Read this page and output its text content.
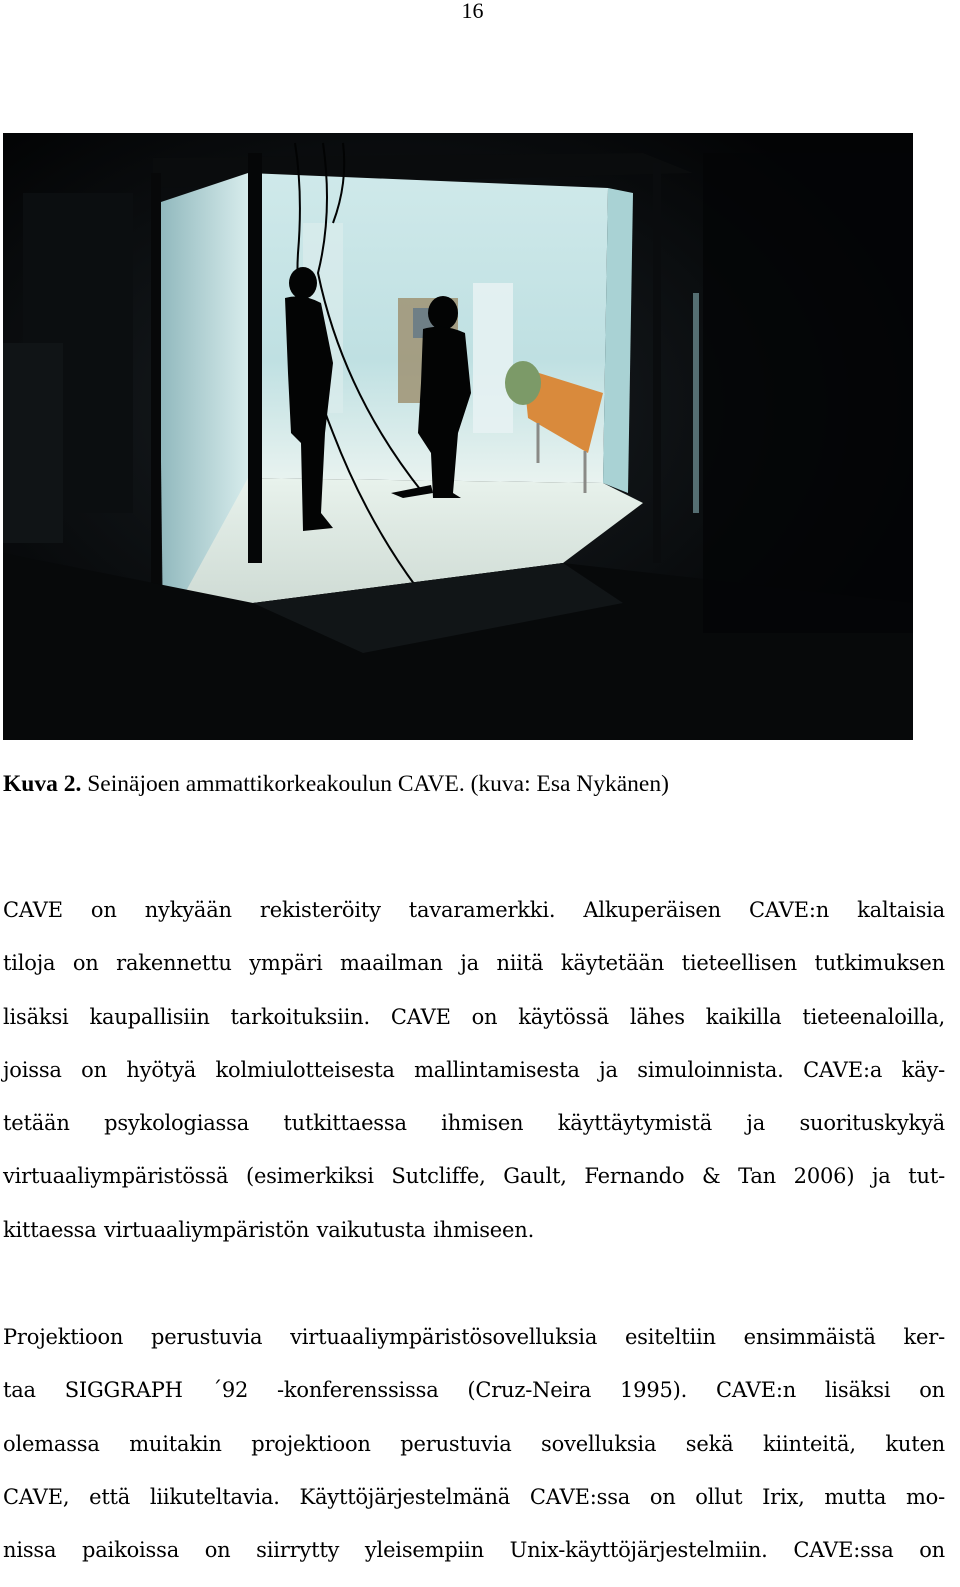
16
Kuva 2. Seinäjoen ammattikorkeakoulun CAVE. (kuva: Esa Nykänen)
CAVE on nykyään rekisteröity tavaramerkki. Alkuperäisen CAVE:n kaltaisia
tiloja on rakennettu ympäri maailman ja niitä käytetään tieteellisen tutkimuksen
lisäksi kaupallisiin tarkoituksiin. CAVE on käytössä lähes kaikilla tieteenaloilla,
joissa on hyötyä kolmiulotteisesta mallintamisesta ja simuloinnista. CAVE:a käy-
tetään psykologiassa tutkittaessa ihmisen käyttäytymistä ja suorituskykyä
virtuaaliympäristössä (esimerkiksi Sutcliffe, Gault, Fernando & Tan 2006) ja tut-
kittaessa virtuaaliympäristön vaikutusta ihmiseen.
Projektioon perustuvia virtuaaliympäristösovelluksia esiteltiin ensimmäistä ker-
taa SIGGRAPH ´92 -konferenssissa (Cruz-Neira 1995). CAVE:n lisäksi on
olemassa muitakin projektioon perustuvia sovelluksia sekä kiinteitä, kuten
CAVE, että liikuteltavia. Käyttöjärjestelmänä CAVE:ssa on ollut Irix, mutta mo-
nissa paikoissa on siirrytty yleisempiin Unix-käyttöjärjestelmiin. CAVE:ssa on
